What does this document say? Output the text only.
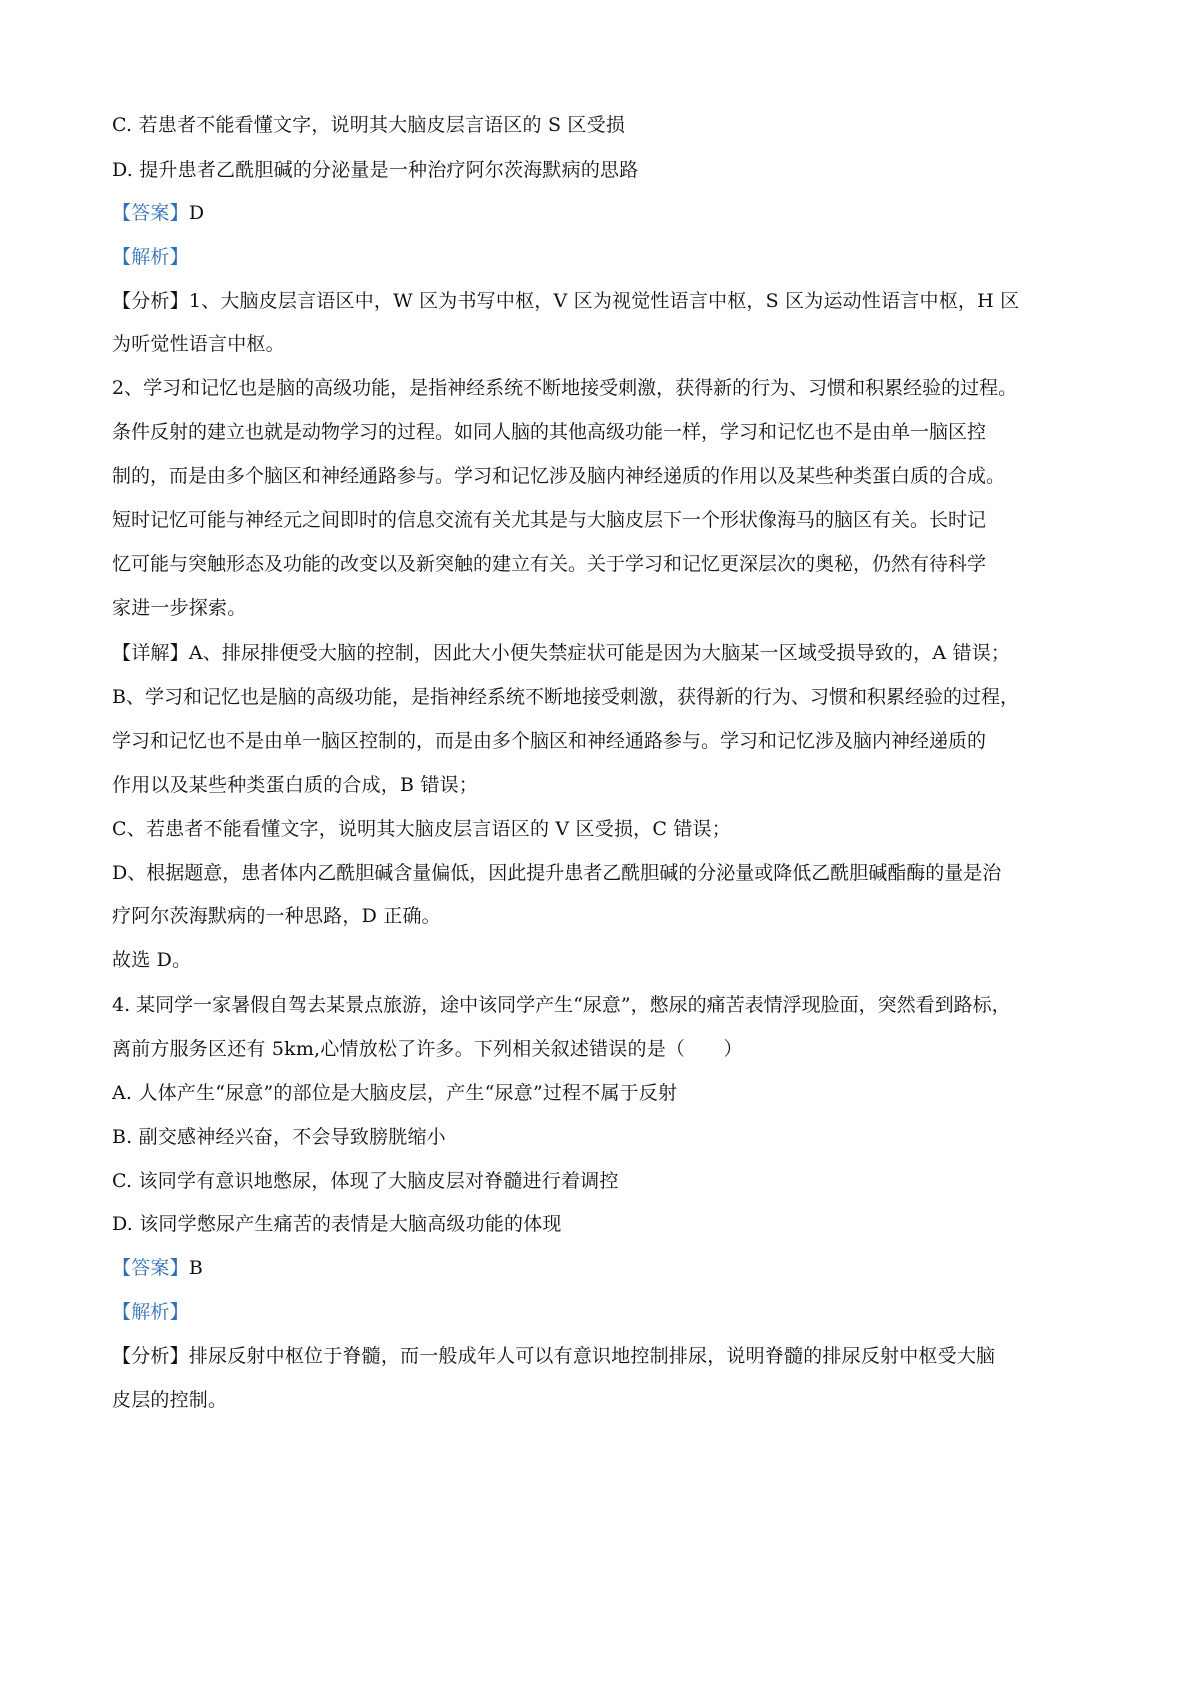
C. 若患者不能看懂文字，说明其大脑皮层言语区的 S 区受损
D. 提升患者乙酰胆碱的分泌量是一种治疗阿尔茨海默病的思路
【答案】D
【解析】
【分析】1、大脑皮层言语区中，W 区为书写中枢，V 区为视觉性语言中枢，S 区为运动性语言中枢，H 区
为听觉性语言中枢。
2、学习和记忆也是脑的高级功能，是指神经系统不断地接受刺激，获得新的行为、习惯和积累经验的过程。
条件反射的建立也就是动物学习的过程。如同人脑的其他高级功能一样，学习和记忆也不是由单一脑区控
制的，而是由多个脑区和神经通路参与。学习和记忆涉及脑内神经递质的作用以及某些种类蛋白质的合成。
短时记忆可能与神经元之间即时的信息交流有关尤其是与大脑皮层下一个形状像海马的脑区有关。长时记
忆可能与突触形态及功能的改变以及新突触的建立有关。关于学习和记忆更深层次的奥秘，仍然有待科学
家进一步探索。
【详解】A、排尿排便受大脑的控制，因此大小便失禁症状可能是因为大脑某一区域受损导致的，A 错误；
B、学习和记忆也是脑的高级功能，是指神经系统不断地接受刺激，获得新的行为、习惯和积累经验的过程，
学习和记忆也不是由单一脑区控制的，而是由多个脑区和神经通路参与。学习和记忆涉及脑内神经递质的
作用以及某些种类蛋白质的合成，B 错误；
C、若患者不能看懂文字，说明其大脑皮层言语区的 V 区受损，C 错误；
D、根据题意，患者体内乙酰胆碱含量偏低，因此提升患者乙酰胆碱的分泌量或降低乙酰胆碱酯酶的量是治
疗阿尔茨海默病的一种思路，D 正确。
故选 D。
4. 某同学一家暑假自驾去某景点旅游，途中该同学产生“尿意”，憋尿的痛苦表情浮现脸面，突然看到路标，
离前方服务区还有 5km,心情放松了许多。下列相关叙述错误的是（　　）
A. 人体产生“尿意”的部位是大脑皮层，产生“尿意”过程不属于反射
B. 副交感神经兴奋，不会导致膀胱缩小
C. 该同学有意识地憋尿，体现了大脑皮层对脊髓进行着调控
D. 该同学憋尿产生痛苦的表情是大脑高级功能的体现
【答案】B
【解析】
【分析】排尿反射中枢位于脊髓，而一般成年人可以有意识地控制排尿，说明脊髓的排尿反射中枢受大脑
皮层的控制。
